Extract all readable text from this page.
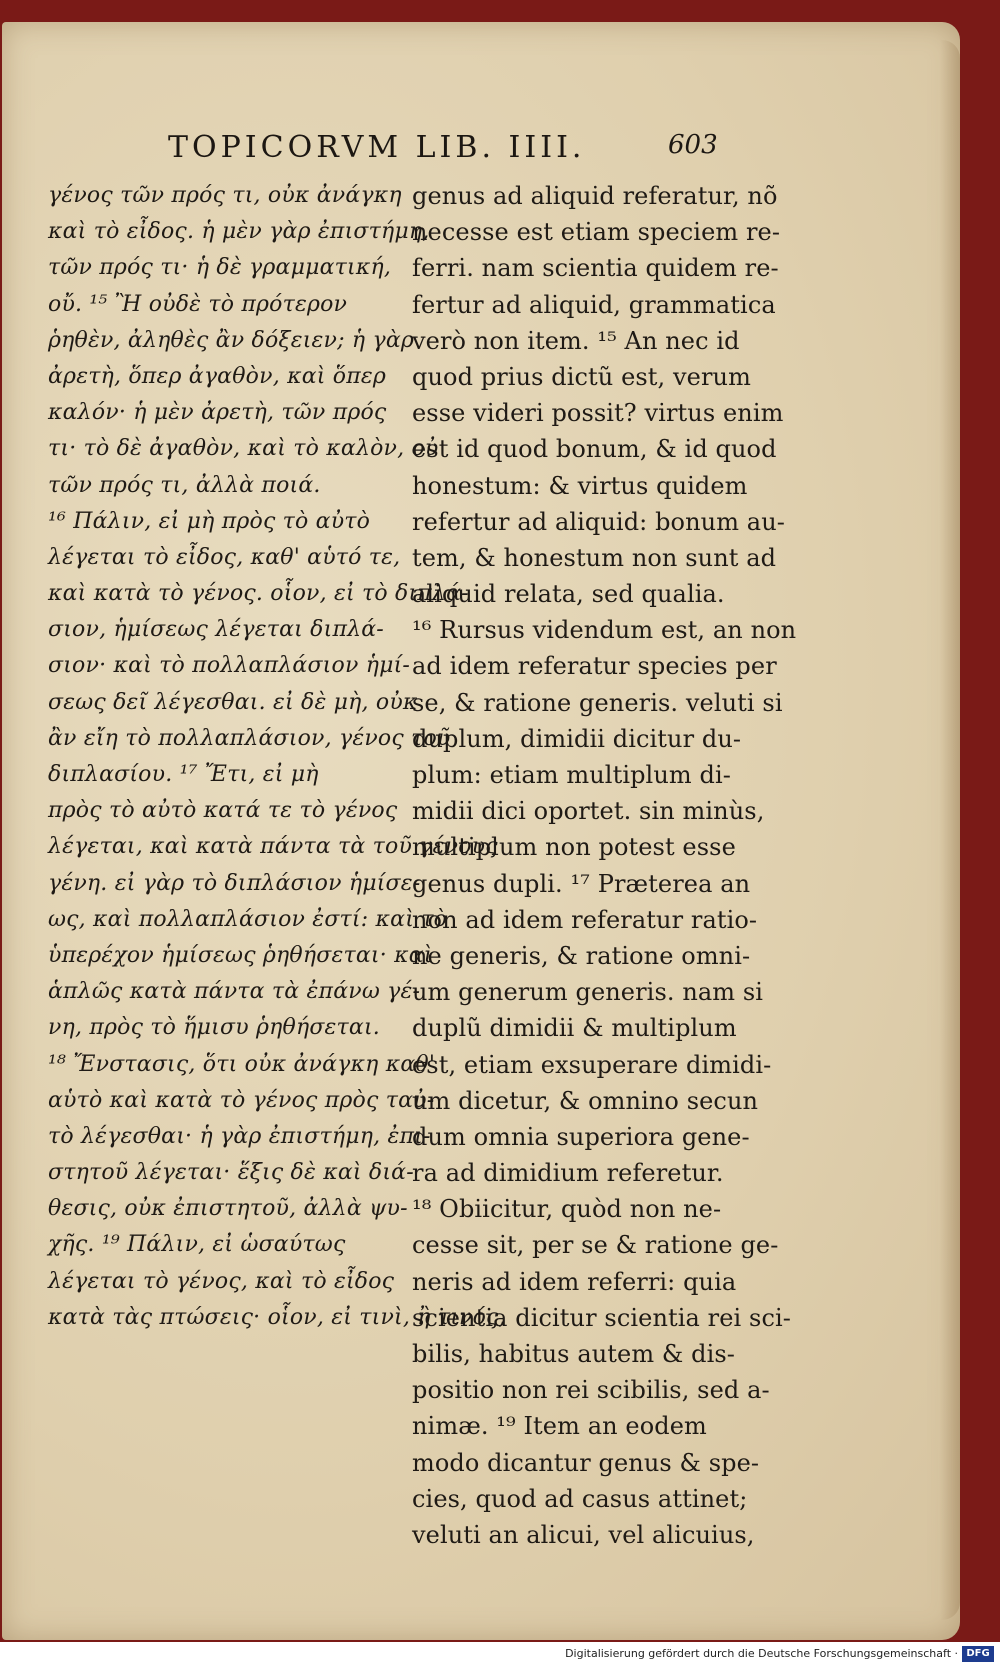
TOPICORVM LIB. IIII.	603
γένος τῶν πρός τι, οὐκ ἀνάγκη
καὶ τὸ εἶδος. ἡ μὲν γὰρ ἐπιστήμη,
τῶν πρός τι· ἡ δὲ γραμματική,
οὔ. ¹⁵ Ἢ οὐδὲ τὸ πρότερον
ῥηθὲν, ἀληθὲς ἂν δόξειεν; ἡ γὰρ
ἀρετὴ, ὅπερ ἀγαθὸν, καὶ ὅπερ
καλόν· ἡ μὲν ἀρετὴ, τῶν πρός
τι· τὸ δὲ ἀγαθὸν, καὶ τὸ καλὸν, οὐ
τῶν πρός τι, ἀλλὰ ποιά.
¹⁶ Πάλιν, εἰ μὴ πρὸς τὸ αὐτὸ
λέγεται τὸ εἶδος, καθ' αὑτό τε,
καὶ κατὰ τὸ γένος. οἷον, εἰ τὸ διπλά-
σιον, ἡμίσεως λέγεται διπλά-
σιον· καὶ τὸ πολλαπλάσιον ἡμί-
σεως δεῖ λέγεσθαι. εἰ δὲ μὴ, οὐκ
ἂν εἴη τὸ πολλαπλάσιον, γένος τοῦ
διπλασίου. ¹⁷ Ἔτι, εἰ μὴ
πρὸς τὸ αὐτὸ κατά τε τὸ γένος
λέγεται, καὶ κατὰ πάντα τὰ τοῦ γένους
γένη. εἰ γὰρ τὸ διπλάσιον ἡμίσε-
ως, καὶ πολλαπλάσιον ἐστί: καὶ τὸ
ὑπερέχον ἡμίσεως ῥηθήσεται· καὶ
ἁπλῶς κατὰ πάντα τὰ ἐπάνω γέ-
νη, πρὸς τὸ ἥμισυ ῥηθήσεται.
¹⁸ Ἔνστασις, ὅτι οὐκ ἀνάγκη καθ'
αὑτὸ καὶ κατὰ τὸ γένος πρὸς ταὐ-
τὸ λέγεσθαι· ἡ γὰρ ἐπιστήμη, ἐπι-
στητοῦ λέγεται· ἕξις δὲ καὶ διά-
θεσις, οὐκ ἐπιστητοῦ, ἀλλὰ ψυ-
χῆς. ¹⁹ Πάλιν, εἰ ὡσαύτως
λέγεται τὸ γένος, καὶ τὸ εἶδος
κατὰ τὰς πτώσεις· οἷον, εἰ τινὶ, ἢ τινός,
genus ad aliquid referatur, nõ
necesse est etiam speciem re-
ferri. nam scientia quidem re-
fertur ad aliquid, grammatica
verò non item. ¹⁵ An nec id
quod prius dictũ est, verum
esse videri possit? virtus enim
est id quod bonum, & id quod
honestum: & virtus quidem
refertur ad aliquid: bonum au-
tem, & honestum non sunt ad
aliquid relata, sed qualia.
¹⁶ Rursus videndum est, an non
ad idem referatur species per
se, & ratione generis. veluti si
duplum, dimidii dicitur du-
plum: etiam multiplum di-
midii dici oportet. sin minùs,
multiplum non potest esse
genus dupli. ¹⁷ Præterea an
non ad idem referatur ratio-
ne generis, & ratione omni-
um generum generis. nam si
duplũ dimidii & multiplum
est, etiam exsuperare dimidi-
um dicetur, & omnino secun
dum omnia superiora gene-
ra ad dimidium referetur.
¹⁸ Obiicitur, quòd non ne-
cesse sit, per se & ratione ge-
neris ad idem referri: quia
scientia dicitur scientia rei sci-
bilis, habitus autem & dis-
positio non rei scibilis, sed a-
nimæ. ¹⁹ Item an eodem
modo dicantur genus & spe-
cies, quod ad casus attinet;
veluti an alicui, vel alicuius,
Digitalisierung gefördert durch die Deutsche Forschungsgemeinschaft · DFG
